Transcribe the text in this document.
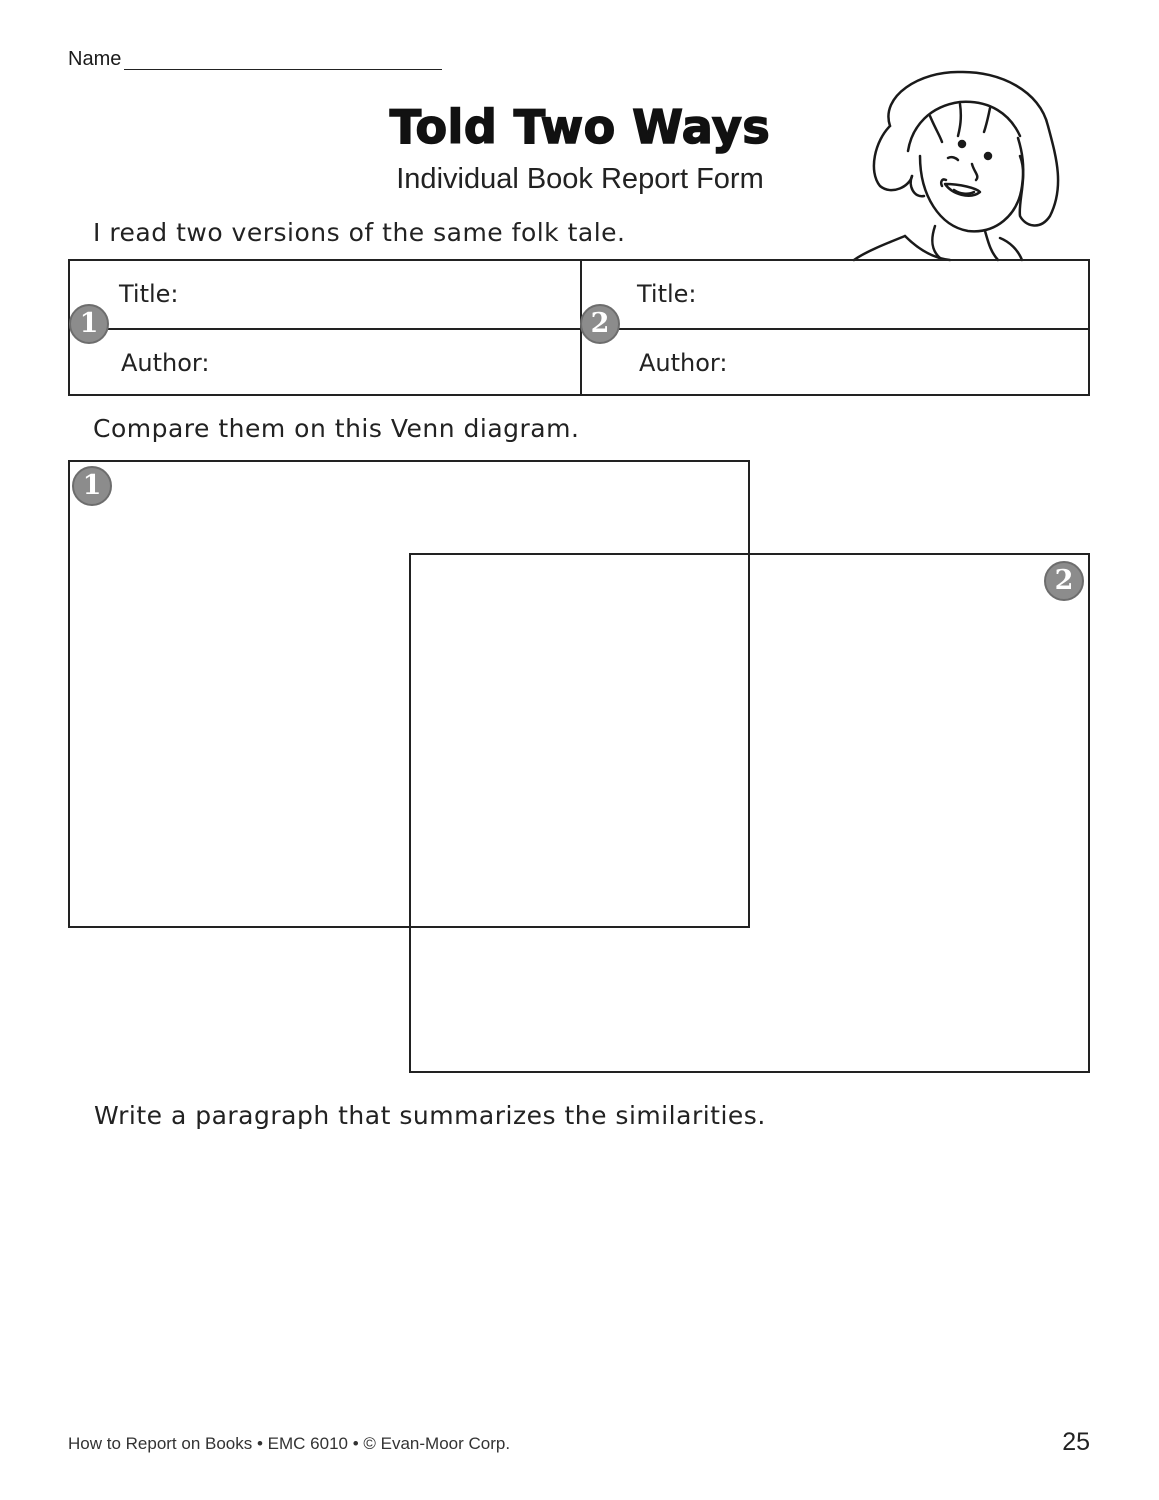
Name
Told Two Ways
Individual Book Report Form
I read two versions of the same folk tale.
Title:
Author:
Title:
Author:
1	2
Compare them on this Venn diagram.
1
2
Write a paragraph that summarizes the similarities.
How to Report on Books • EMC 6010 • © Evan-Moor Corp.	25
